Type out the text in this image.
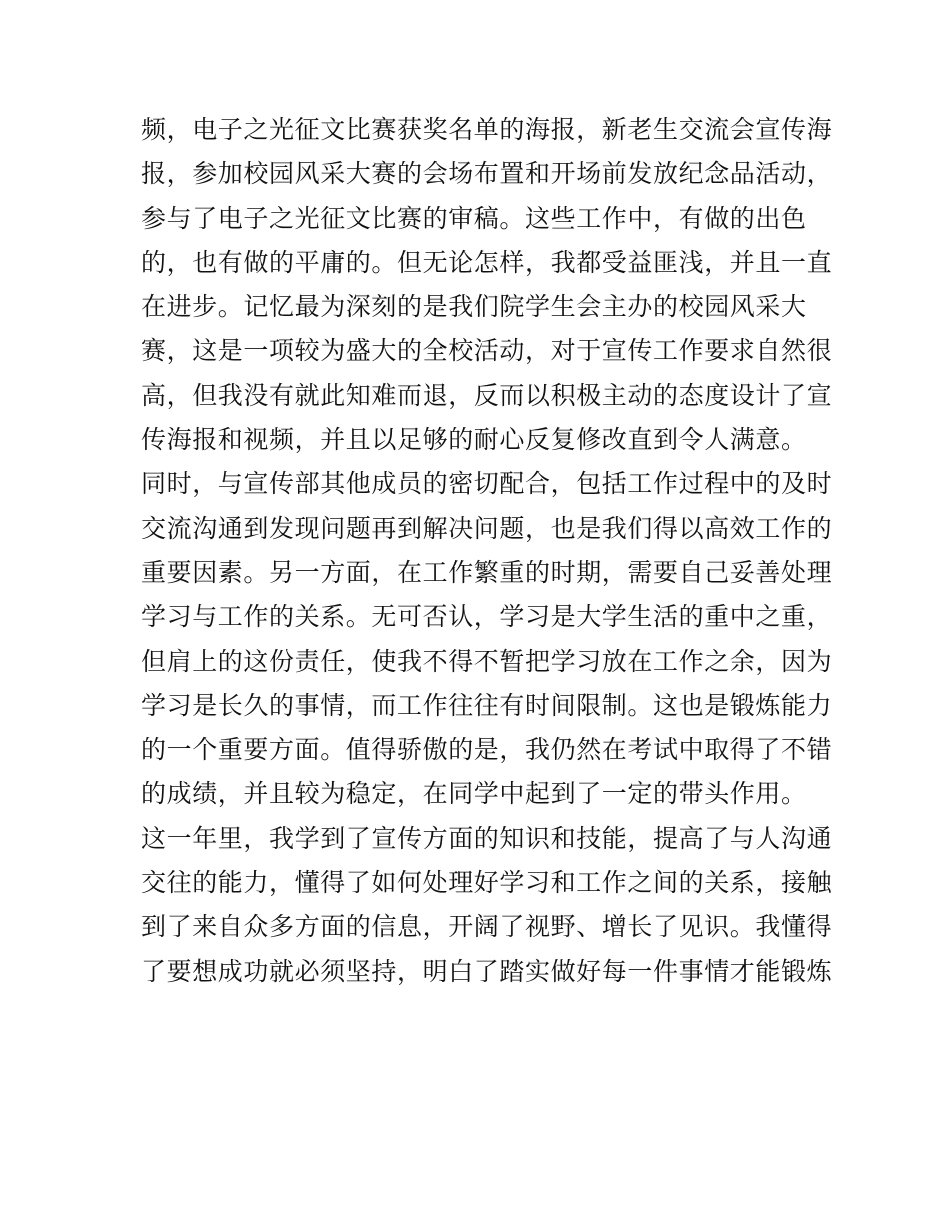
频，电子之光征文比赛获奖名单的海报，新老生交流会宣传海
报，参加校园风采大赛的会场布置和开场前发放纪念品活动，
参与了电子之光征文比赛的审稿。这些工作中，有做的出色
的，也有做的平庸的。但无论怎样，我都受益匪浅，并且一直
在进步。记忆最为深刻的是我们院学生会主办的校园风采大
赛，这是一项较为盛大的全校活动，对于宣传工作要求自然很
高，但我没有就此知难而退，反而以积极主动的态度设计了宣
传海报和视频，并且以足够的耐心反复修改直到令人满意。
同时，与宣传部其他成员的密切配合，包括工作过程中的及时
交流沟通到发现问题再到解决问题，也是我们得以高效工作的
重要因素。另一方面，在工作繁重的时期，需要自己妥善处理
学习与工作的关系。无可否认，学习是大学生活的重中之重，
但肩上的这份责任，使我不得不暂把学习放在工作之余，因为
学习是长久的事情，而工作往往有时间限制。这也是锻炼能力
的一个重要方面。值得骄傲的是，我仍然在考试中取得了不错
的成绩，并且较为稳定，在同学中起到了一定的带头作用。
这一年里，我学到了宣传方面的知识和技能，提高了与人沟通
交往的能力，懂得了如何处理好学习和工作之间的关系，接触
到了来自众多方面的信息，开阔了视野、增长了见识。我懂得
了要想成功就必须坚持，明白了踏实做好每一件事情才能锻炼
